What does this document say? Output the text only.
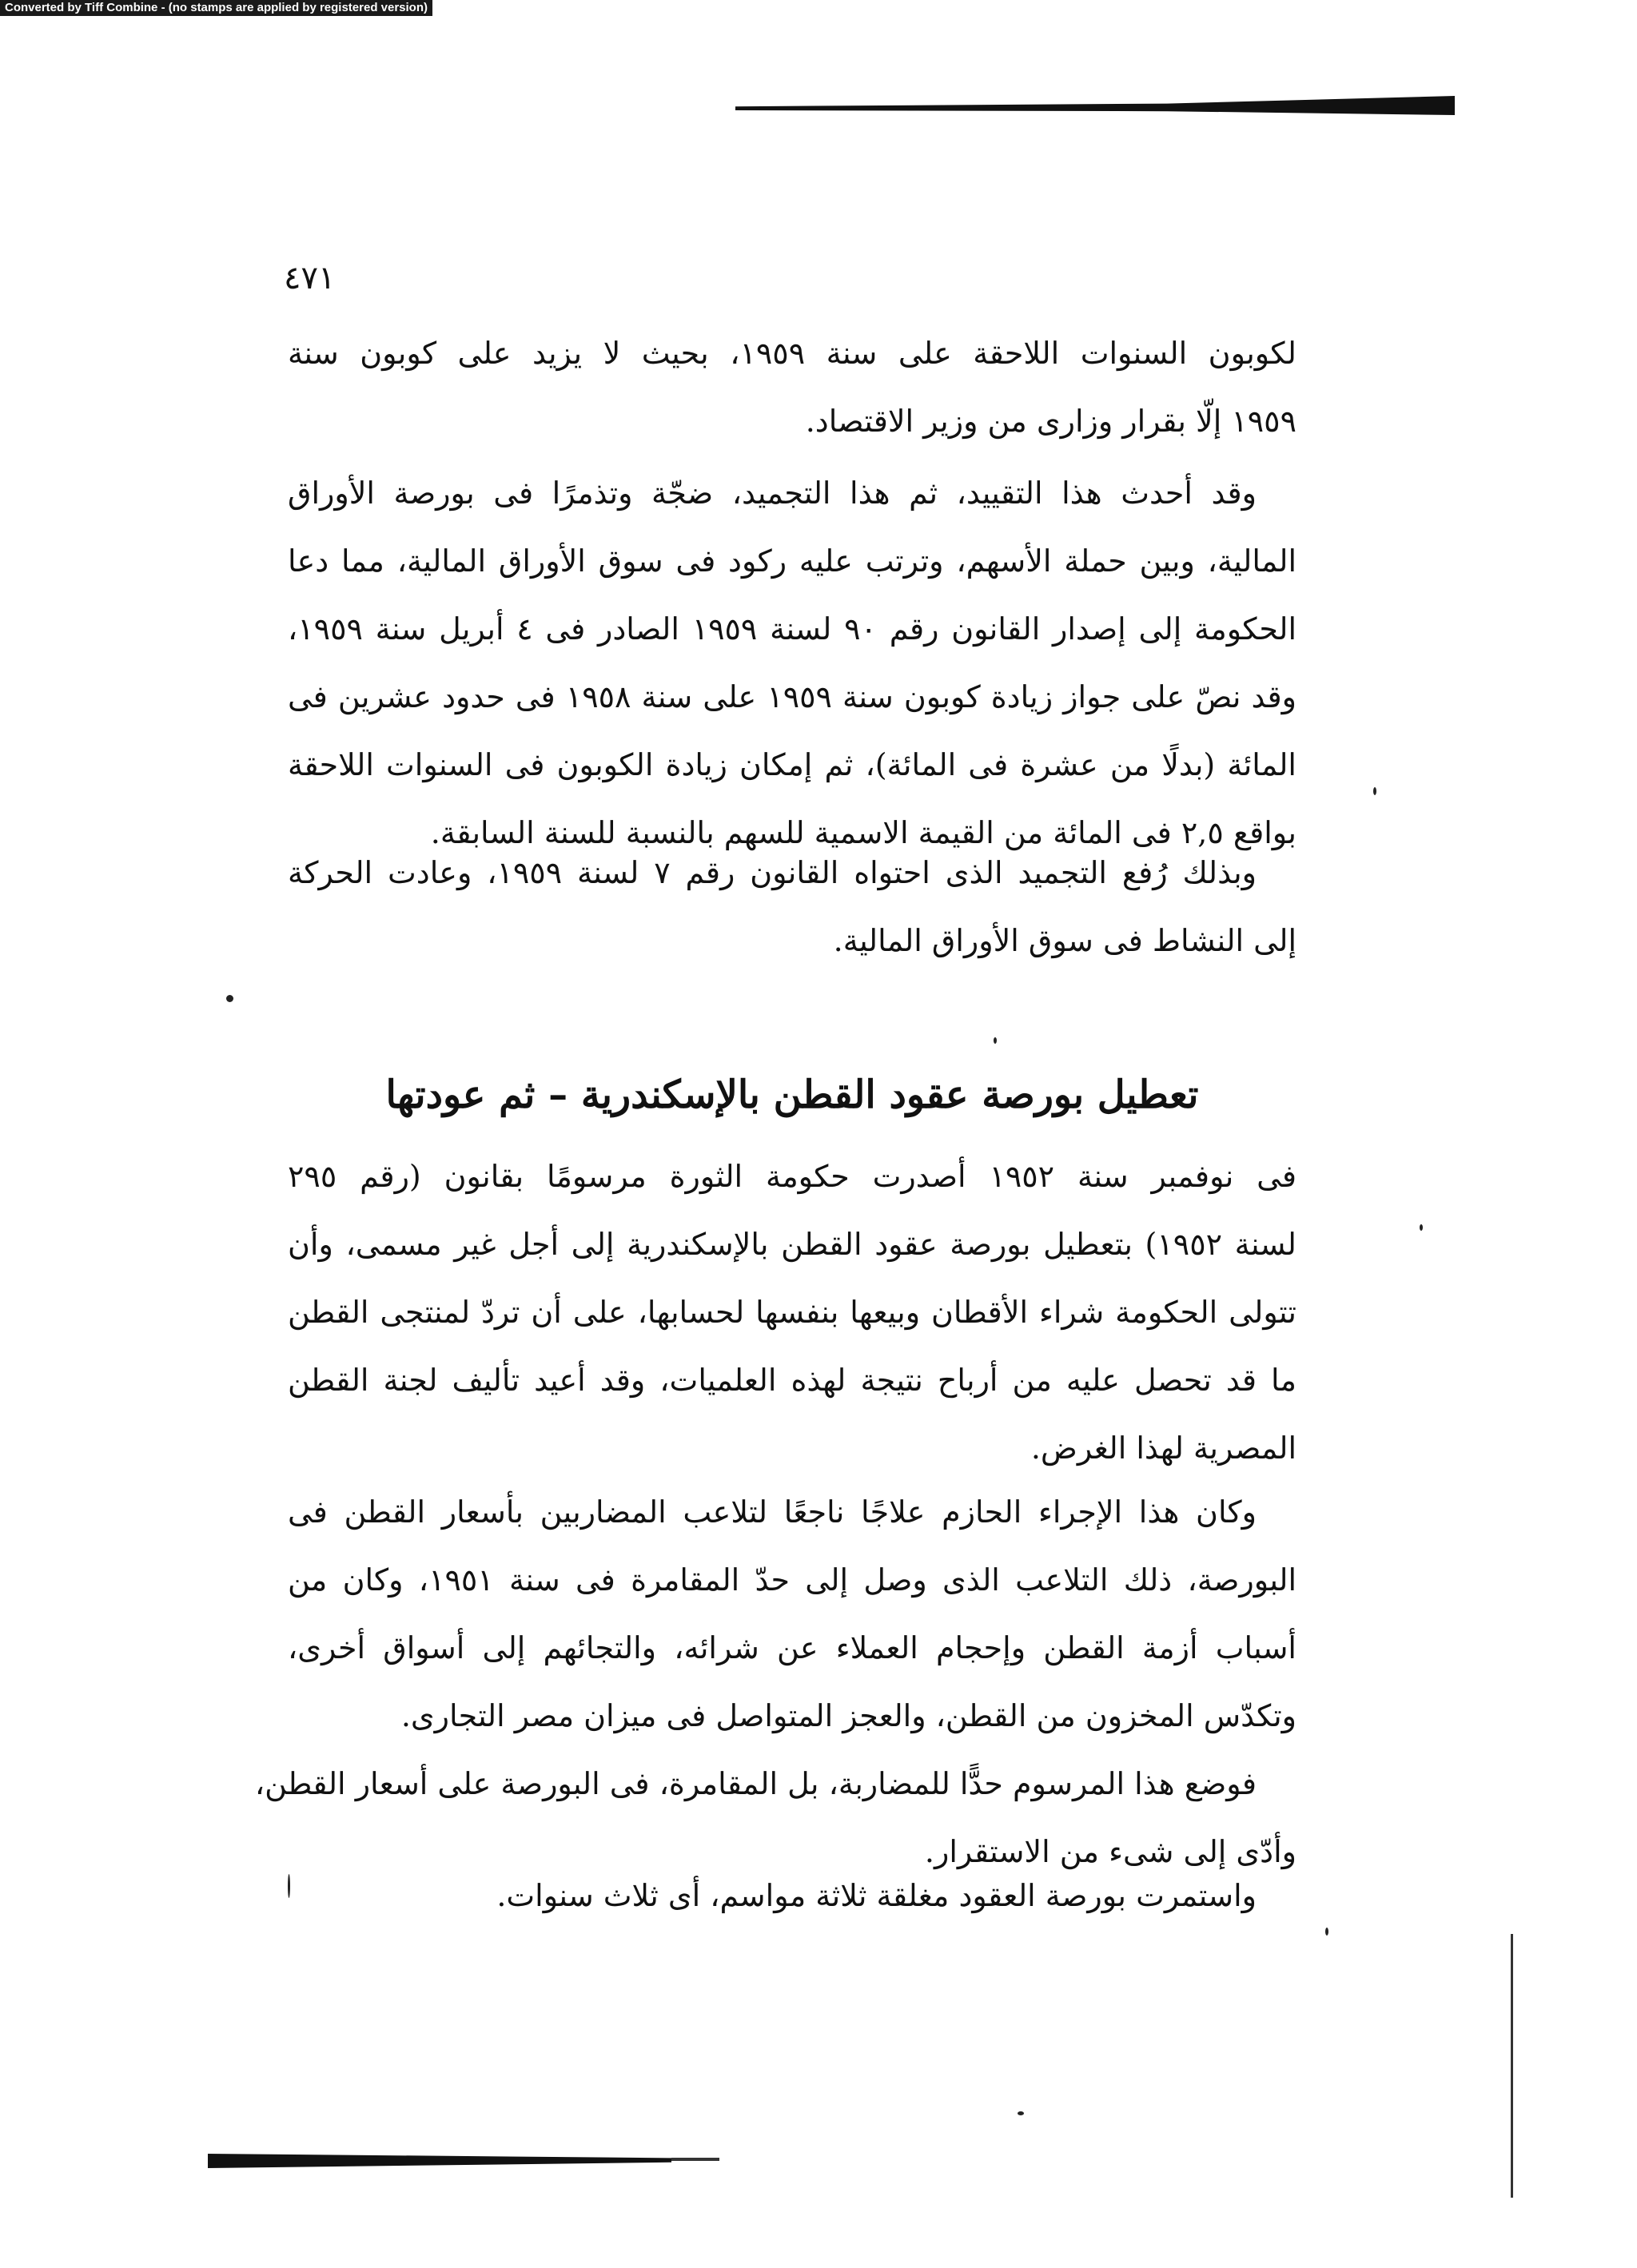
Converted by Tiff Combine - (no stamps are applied by registered version)
٤٧١
لكوبون السنوات اللاحقة على سنة ١٩٥٩، بحيث لا يزيد على كوبون سنة
١٩٥٩ إلّا بقرار وزارى من وزير الاقتصاد.
وقد أحدث هذا التقييد، ثم هذا التجميد، ضجّة وتذمرًا فى بورصة الأوراق
المالية، وبين حملة الأسهم، وترتب عليه ركود فى سوق الأوراق المالية، مما دعا
الحكومة إلى إصدار القانون رقم ٩٠ لسنة ١٩٥٩ الصادر فى ٤ أبريل سنة ١٩٥٩،
وقد نصّ على جواز زيادة كوبون سنة ١٩٥٩ على سنة ١٩٥٨ فى حدود عشرين فى
المائة (بدلًا من عشرة فى المائة)، ثم إمكان زيادة الكوبون فى السنوات اللاحقة
بواقع ٢,٥ فى المائة من القيمة الاسمية للسهم بالنسبة للسنة السابقة.
وبذلك رُفع التجميد الذى احتواه القانون رقم ٧ لسنة ١٩٥٩، وعادت الحركة
إلى النشاط فى سوق الأوراق المالية.
تعطيل بورصة عقود القطن بالإسكندرية – ثم عودتها
فى نوفمبر سنة ١٩٥٢ أصدرت حكومة الثورة مرسومًا بقانون (رقم ٢٩٥
لسنة ١٩٥٢) بتعطيل بورصة عقود القطن بالإسكندرية إلى أجل غير مسمى، وأن
تتولى الحكومة شراء الأقطان وبيعها بنفسها لحسابها، على أن تردّ لمنتجى القطن
ما قد تحصل عليه من أرباح نتيجة لهذه العلميات، وقد أعيد تأليف لجنة القطن
المصرية لهذا الغرض.
وكان هذا الإجراء الحازم علاجًا ناجعًا لتلاعب المضاربين بأسعار القطن فى
البورصة، ذلك التلاعب الذى وصل إلى حدّ المقامرة فى سنة ١٩٥١، وكان من
أسباب أزمة القطن وإحجام العملاء عن شرائه، والتجائهم إلى أسواق أخرى،
وتكدّس المخزون من القطن، والعجز المتواصل فى ميزان مصر التجارى.
فوضع هذا المرسوم حدًّا للمضاربة، بل المقامرة، فى البورصة على أسعار القطن،
وأدّى إلى شىء من الاستقرار.
واستمرت بورصة العقود مغلقة ثلاثة مواسم، أى ثلاث سنوات.
